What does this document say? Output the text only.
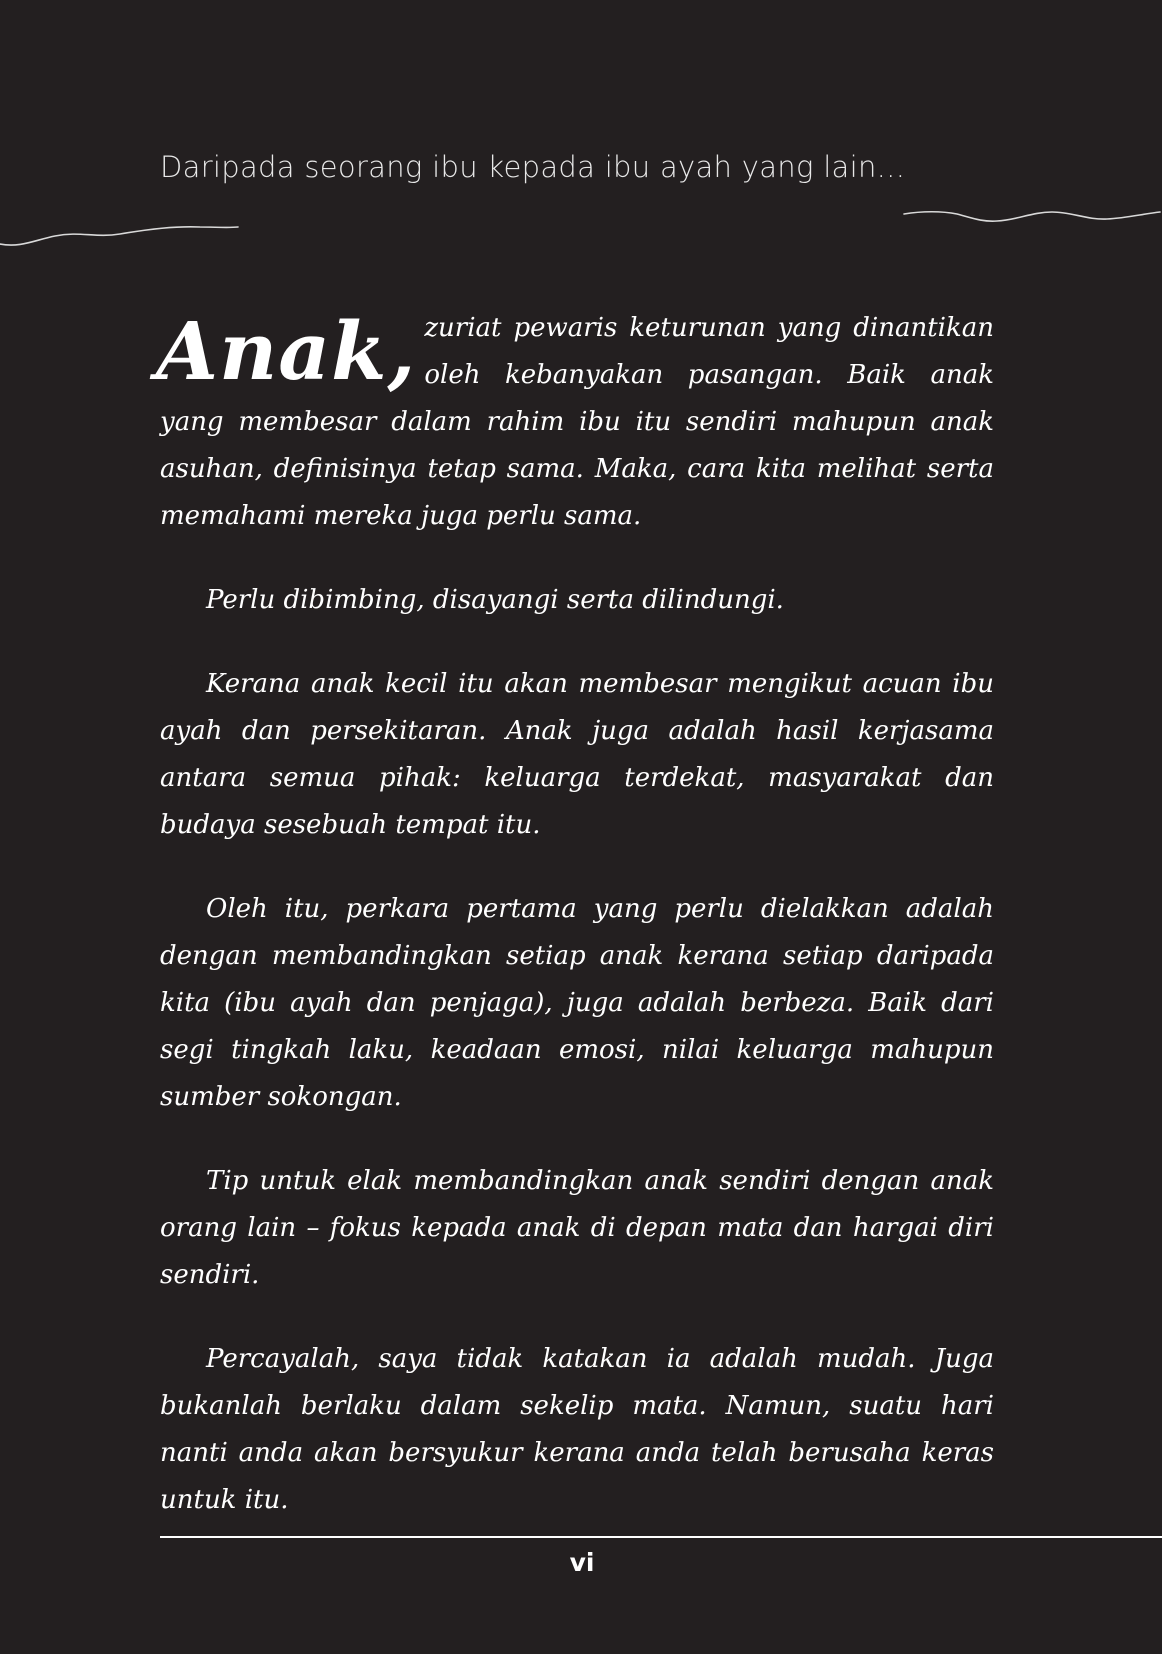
Daripada seorang ibu kepada ibu ayah yang lain...

Anak, zuriat pewaris keturunan yang dinantikan oleh kebanyakan pasangan. Baik anak yang membesar dalam rahim ibu itu sendiri mahupun anak asuhan, definisinya tetap sama. Maka, cara kita melihat serta memahami mereka juga perlu sama.

Perlu dibimbing, disayangi serta dilindungi.

Kerana anak kecil itu akan membesar mengikut acuan ibu ayah dan persekitaran. Anak juga adalah hasil kerjasama antara semua pihak: keluarga terdekat, masyarakat dan budaya sesebuah tempat itu.

Oleh itu, perkara pertama yang perlu dielakkan adalah dengan membandingkan setiap anak kerana setiap daripada kita (ibu ayah dan penjaga), juga adalah berbeza. Baik dari segi tingkah laku, keadaan emosi, nilai keluarga mahupun sumber sokongan.

Tip untuk elak membandingkan anak sendiri dengan anak orang lain – fokus kepada anak di depan mata dan hargai diri sendiri.

Percayalah, saya tidak katakan ia adalah mudah. Juga bukanlah berlaku dalam sekelip mata. Namun, suatu hari nanti anda akan bersyukur kerana anda telah berusaha keras untuk itu.

vi
